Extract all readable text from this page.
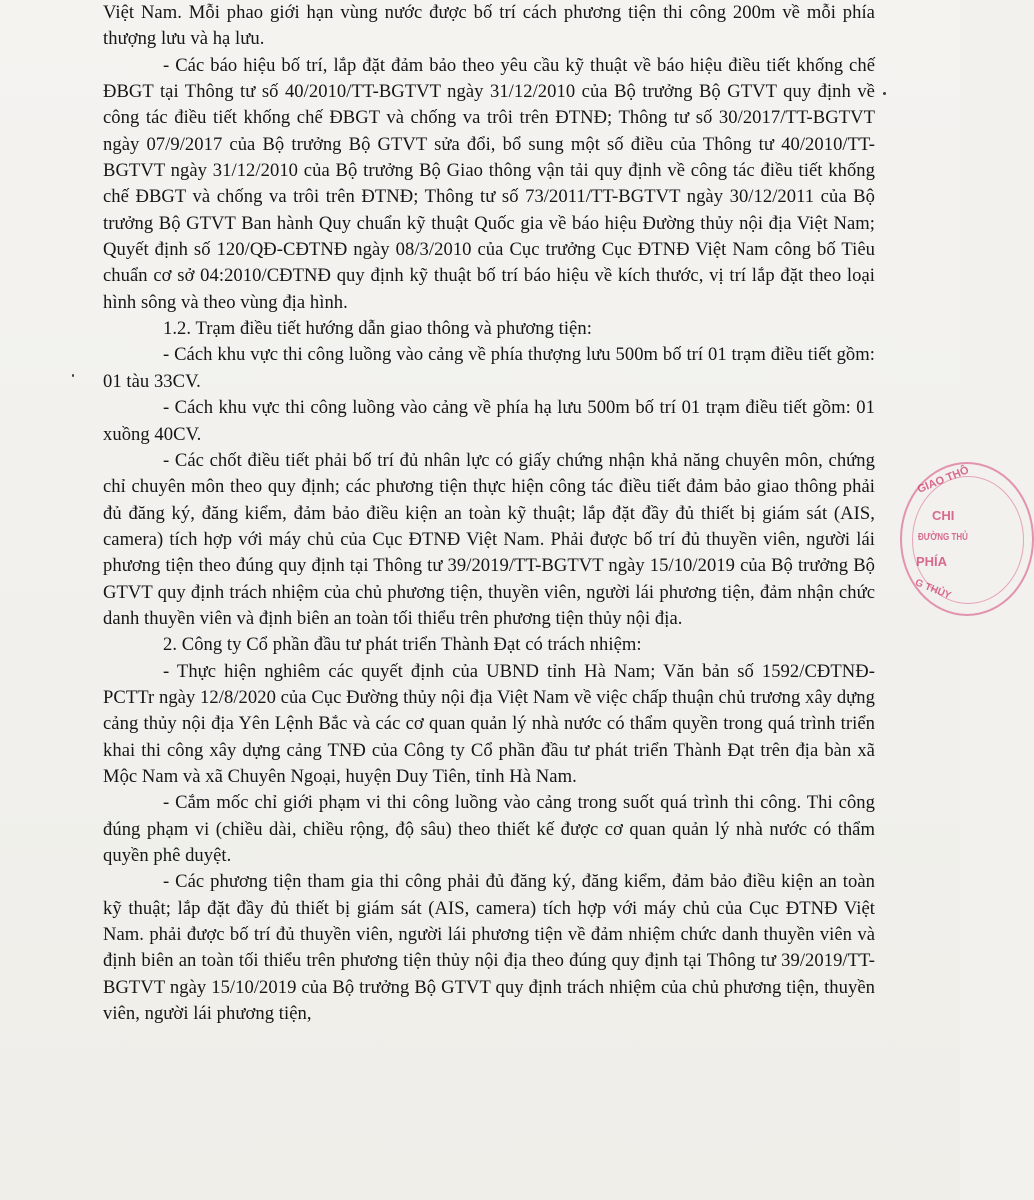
Việt Nam. Mỗi phao giới hạn vùng nước được bố trí cách phương tiện thi công 200m về mỗi phía thượng lưu và hạ lưu.

- Các báo hiệu bố trí, lắp đặt đảm bảo theo yêu cầu kỹ thuật về báo hiệu điều tiết khống chế ĐBGT tại Thông tư số 40/2010/TT-BGTVT ngày 31/12/2010 của Bộ trưởng Bộ GTVT quy định về công tác điều tiết khống chế ĐBGT và chống va trôi trên ĐTNĐ; Thông tư số 30/2017/TT-BGTVT ngày 07/9/2017 của Bộ trưởng Bộ GTVT sửa đổi, bổ sung một số điều của Thông tư 40/2010/TT-BGTVT ngày 31/12/2010 của Bộ trưởng Bộ Giao thông vận tải quy định về công tác điều tiết khống chế ĐBGT và chống va trôi trên ĐTNĐ; Thông tư số 73/2011/TT-BGTVT ngày 30/12/2011 của Bộ trưởng Bộ GTVT Ban hành Quy chuẩn kỹ thuật Quốc gia về báo hiệu Đường thủy nội địa Việt Nam; Quyết định số 120/QĐ-CĐTNĐ ngày 08/3/2010 của Cục trưởng Cục ĐTNĐ Việt Nam công bố Tiêu chuẩn cơ sở 04:2010/CĐTNĐ quy định kỹ thuật bố trí báo hiệu về kích thước, vị trí lắp đặt theo loại hình sông và theo vùng địa hình.

1.2. Trạm điều tiết hướng dẫn giao thông và phương tiện:

- Cách khu vực thi công luồng vào cảng về phía thượng lưu 500m bố trí 01 trạm điều tiết gồm: 01 tàu 33CV.

- Cách khu vực thi công luồng vào cảng về phía hạ lưu 500m bố trí 01 trạm điều tiết gồm: 01 xuồng 40CV.

- Các chốt điều tiết phải bố trí đủ nhân lực có giấy chứng nhận khả năng chuyên môn, chứng chỉ chuyên môn theo quy định; các phương tiện thực hiện công tác điều tiết đảm bảo giao thông phải đủ đăng ký, đăng kiểm, đảm bảo điều kiện an toàn kỹ thuật; lắp đặt đầy đủ thiết bị giám sát (AIS, camera) tích hợp với máy chủ của Cục ĐTNĐ Việt Nam. Phải được bố trí đủ thuyền viên, người lái phương tiện theo đúng quy định tại Thông tư 39/2019/TT-BGTVT ngày 15/10/2019 của Bộ trưởng Bộ GTVT quy định trách nhiệm của chủ phương tiện, thuyền viên, người lái phương tiện, đảm nhận chức danh thuyền viên và định biên an toàn tối thiểu trên phương tiện thủy nội địa.

2. Công ty Cổ phần đầu tư phát triển Thành Đạt có trách nhiệm:

- Thực hiện nghiêm các quyết định của UBND tỉnh Hà Nam; Văn bản số 1592/CĐTNĐ-PCTTr ngày 12/8/2020 của Cục Đường thủy nội địa Việt Nam về việc chấp thuận chủ trương xây dựng cảng thủy nội địa Yên Lệnh Bắc và các cơ quan quản lý nhà nước có thẩm quyền trong quá trình triển khai thi công xây dựng cảng TNĐ của Công ty Cổ phần đầu tư phát triển Thành Đạt trên địa bàn xã Mộc Nam và xã Chuyên Ngoại, huyện Duy Tiên, tỉnh Hà Nam.

- Cắm mốc chỉ giới phạm vi thi công luồng vào cảng trong suốt quá trình thi công. Thi công đúng phạm vi (chiều dài, chiều rộng, độ sâu) theo thiết kế được cơ quan quản lý nhà nước có thẩm quyền phê duyệt.

- Các phương tiện tham gia thi công phải đủ đăng ký, đăng kiểm, đảm bảo điều kiện an toàn kỹ thuật; lắp đặt đầy đủ thiết bị giám sát (AIS, camera) tích hợp với máy chủ của Cục ĐTNĐ Việt Nam. phải được bố trí đủ thuyền viên, người lái phương tiện về đảm nhiệm chức danh thuyền viên và định biên an toàn tối thiểu trên phương tiện thủy nội địa theo đúng quy định tại Thông tư 39/2019/TT-BGTVT ngày 15/10/2019 của Bộ trưởng Bộ GTVT quy định trách nhiệm của chủ phương tiện, thuyền viên, người lái phương tiện,

GIAO THÔ
CHI
ĐƯỜNG THỦ
PHÍA
G THỦY
